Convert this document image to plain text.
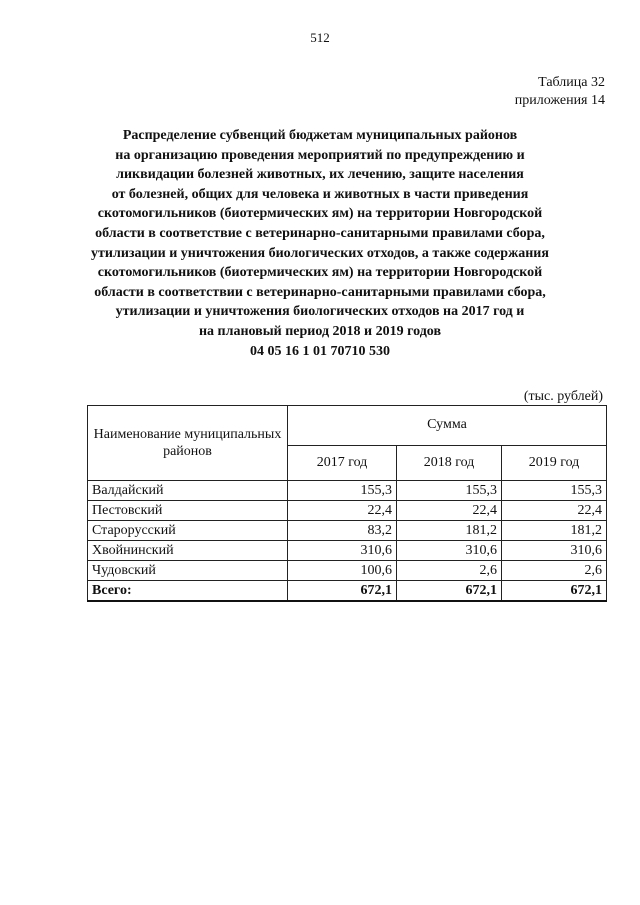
512
Таблица 32
приложения 14
Распределение субвенций бюджетам муниципальных районов
на организацию проведения мероприятий по предупреждению и
ликвидации болезней животных, их лечению, защите населения
от болезней, общих для человека и животных в части приведения
скотомогильников (биотермических ям) на территории Новгородской
области в соответствие с ветеринарно-санитарными правилами сбора,
утилизации и уничтожения биологических отходов, а также содержания
скотомогильников (биотермических ям) на территории Новгородской
области в соответствии с ветеринарно-санитарными правилами сбора,
утилизации и уничтожения биологических отходов на 2017 год и
на плановый период 2018 и 2019 годов
04 05 16 1 01 70710 530
(тыс. рублей)
Наименование муниципальных районов	Сумма		
	2017 год	2018 год	2019 год
Валдайский	155,3	155,3	155,3
Пестовский	22,4	22,4	22,4
Старорусский	83,2	181,2	181,2
Хвойнинский	310,6	310,6	310,6
Чудовский	100,6	2,6	2,6
Всего:	672,1	672,1	672,1
